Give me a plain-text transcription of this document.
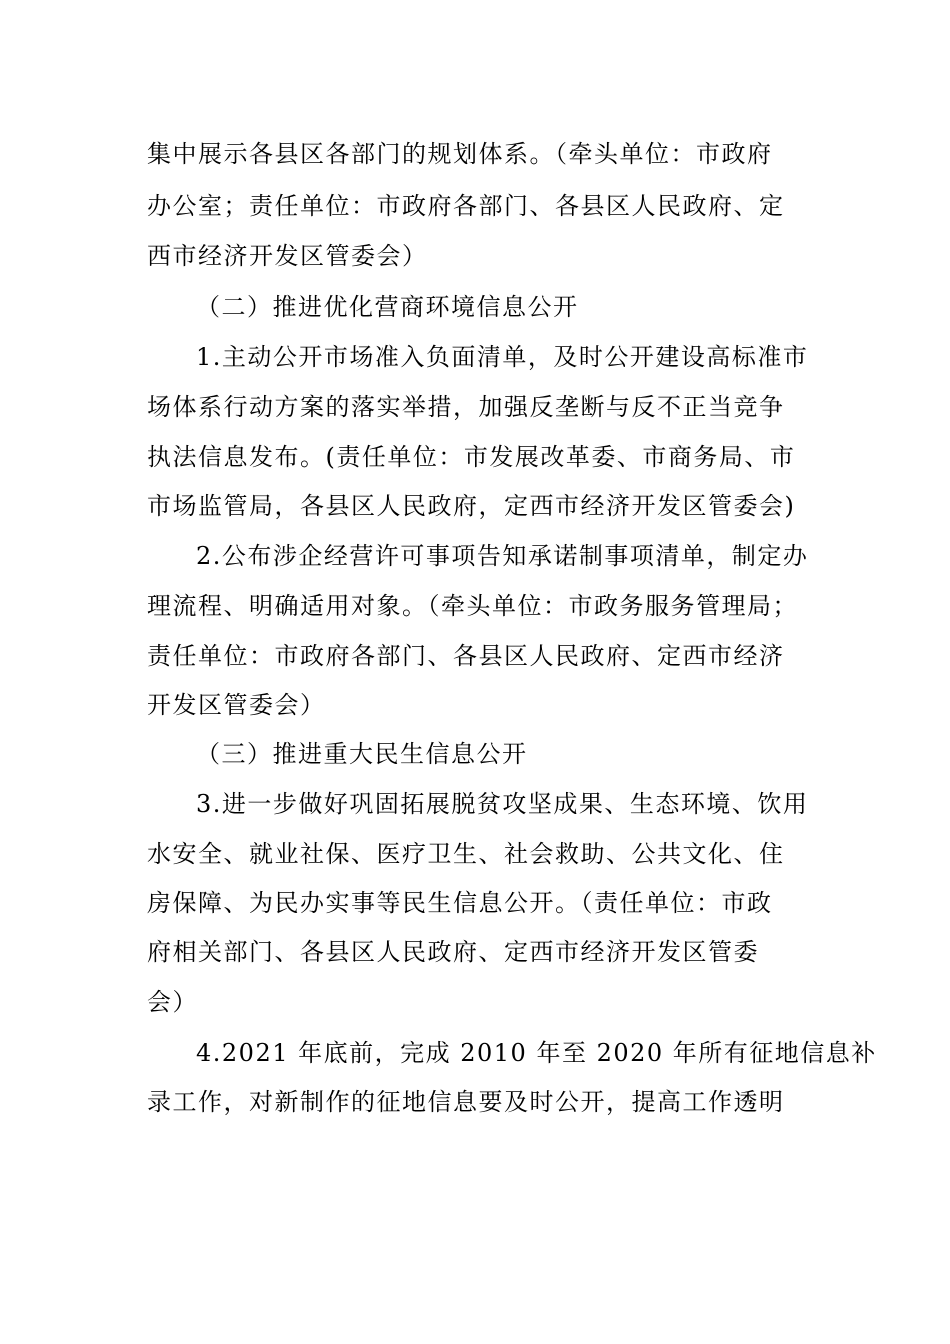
集中展示各县区各部门的规划体系。（牵头单位：市政府
办公室；责任单位：市政府各部门、各县区人民政府、定
西市经济开发区管委会）
（二）推进优化营商环境信息公开
1.主动公开市场准入负面清单，及时公开建设高标准市
场体系行动方案的落实举措，加强反垄断与反不正当竞争
执法信息发布。(责任单位：市发展改革委、市商务局、市
市场监管局，各县区人民政府，定西市经济开发区管委会)
2.公布涉企经营许可事项告知承诺制事项清单，制定办
理流程、明确适用对象。（牵头单位：市政务服务管理局；
责任单位：市政府各部门、各县区人民政府、定西市经济
开发区管委会）
（三）推进重大民生信息公开
3.进一步做好巩固拓展脱贫攻坚成果、生态环境、饮用
水安全、就业社保、医疗卫生、社会救助、公共文化、住
房保障、为民办实事等民生信息公开。（责任单位：市政
府相关部门、各县区人民政府、定西市经济开发区管委
会）
4.2021 年底前，完成 2010 年至 2020 年所有征地信息补
录工作，对新制作的征地信息要及时公开，提高工作透明
